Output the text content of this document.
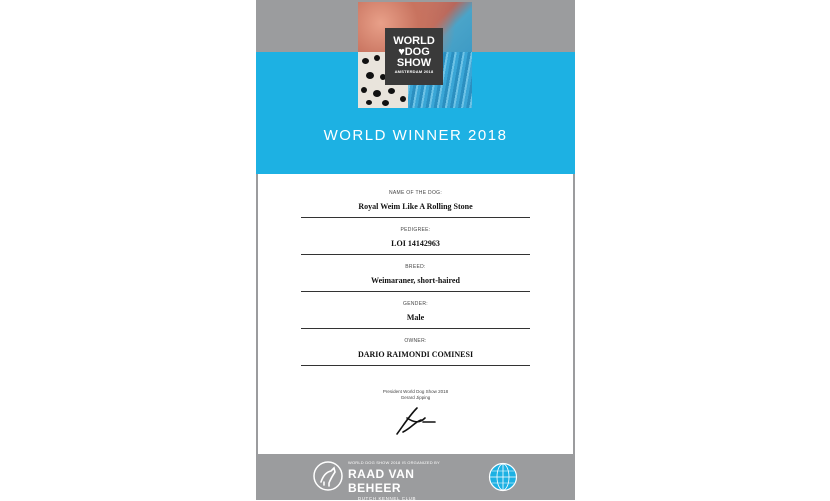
WORLD WINNER 2018
WORLD
♥DOG
SHOW
AMSTERDAM 2018
NAME OF THE DOG:
Royal Weim Like A Rolling Stone
PEDIGREE:
LOI 14142963
BREED:
Weimaraner, short-haired
GENDER:
Male
OWNER:
DARIO RAIMONDI COMINESI
President World Dog Show 2018
Gerard Jipping
WORLD DOG SHOW 2018 IS ORGANIZED BY
RAAD VAN BEHEER
DUTCH KENNEL CLUB
